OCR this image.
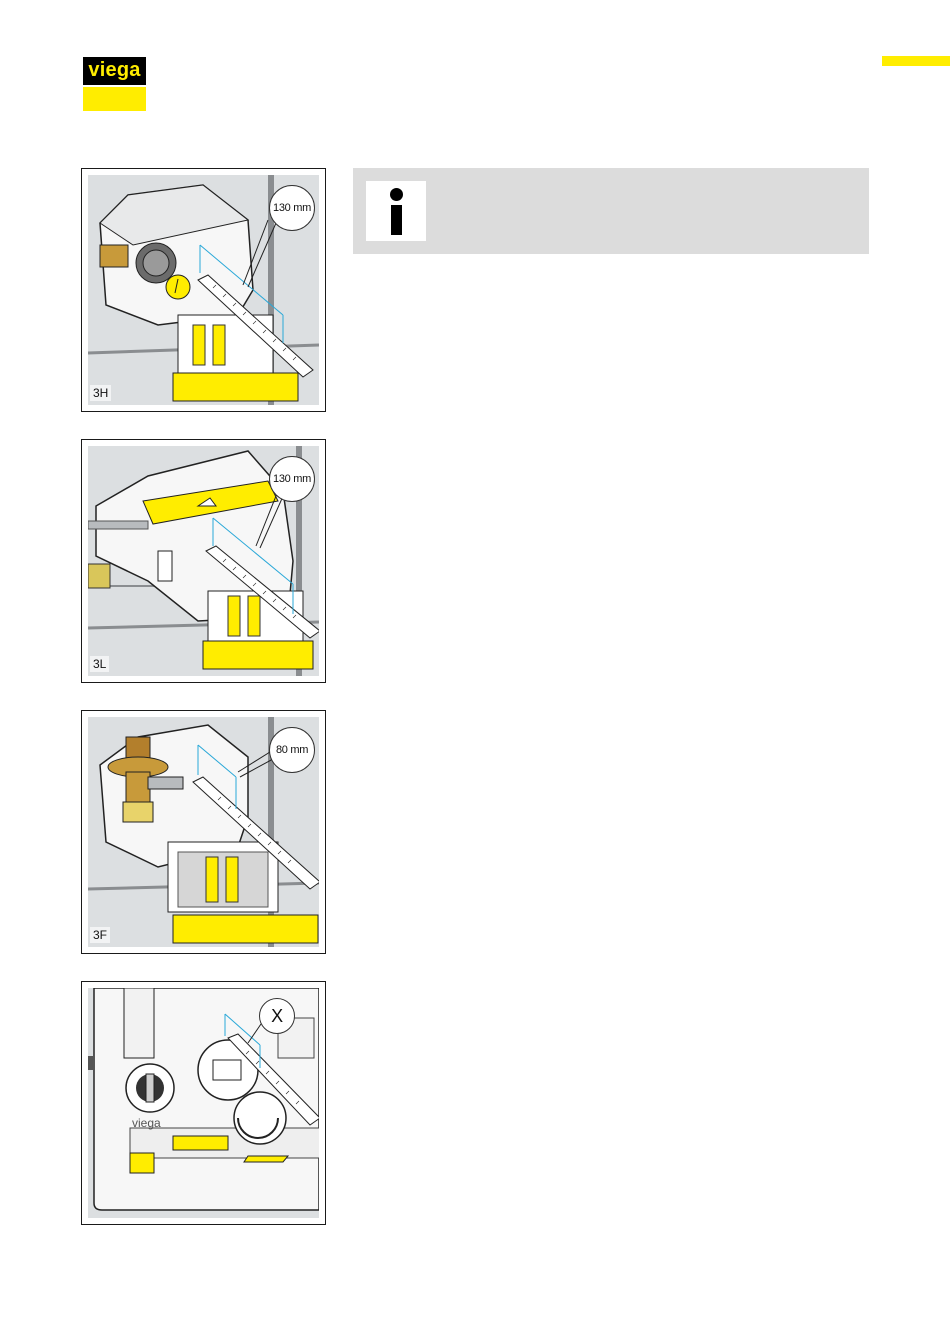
viega
130 mm
3H
130 mm
3L
80 mm
3F
X
viega
